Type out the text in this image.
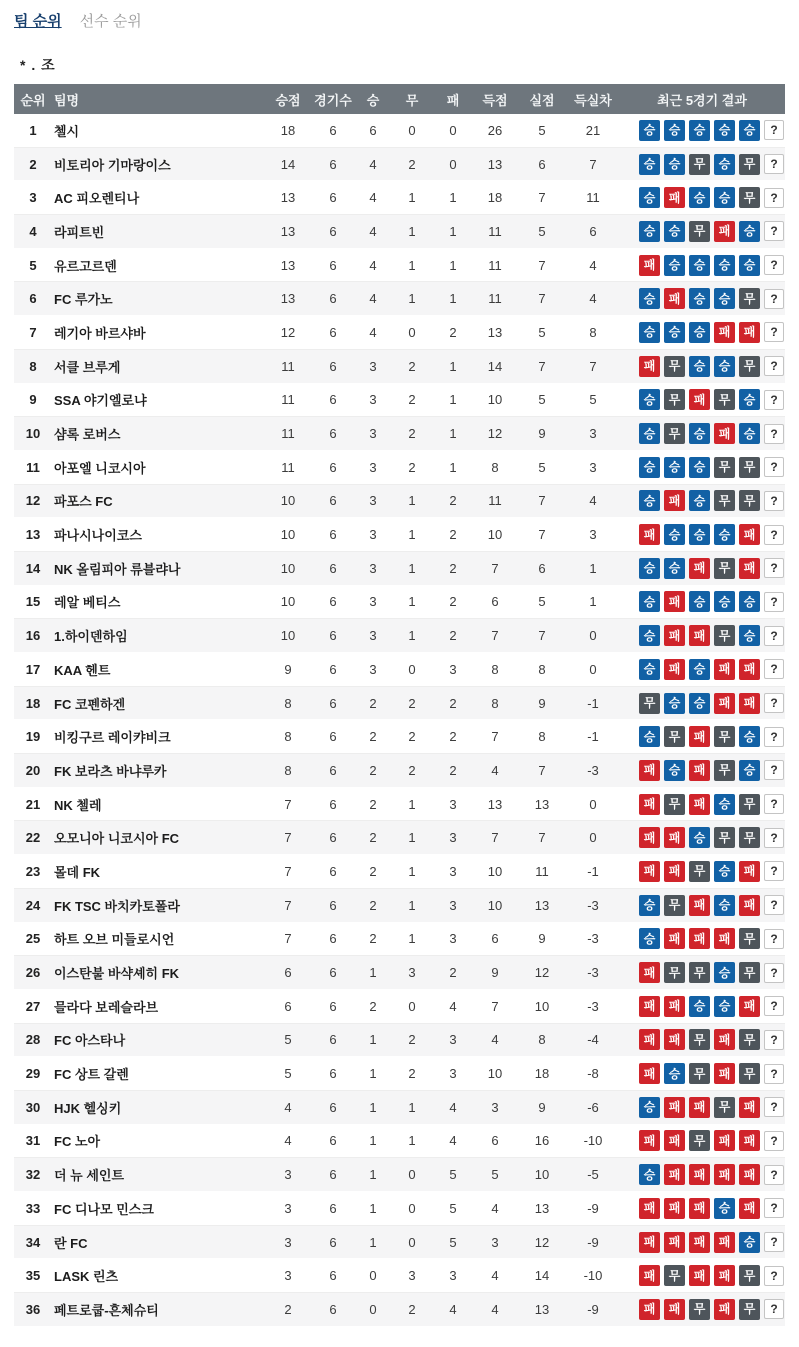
팀 순위 선수 순위
* . 조
순위 팀명	승점	경기수	승	무	패	득점	실점	득실차	최근 5경기 결과
1	첼시	18	6	6	0	0	26	5	21	승	승	승	승	승	?
2	비토리아 기마랑이스	14	6	4	2	0	13	6	7	승	승	무	승	무	?
3	AC 피오렌티나	13	6	4	1	1	18	7	11	승	패	승	승	무	?
4	라피트빈	13	6	4	1	1	11	5	6	승	승	무	패	승	?
5	유르고르덴	13	6	4	1	1	11	7	4	패	승	승	승	승	?
6	FC 루가노	13	6	4	1	1	11	7	4	승	패	승	승	무	?
7	레기아 바르샤바	12	6	4	0	2	13	5	8	승	승	승	패	패	?
8	서클 브루게	11	6	3	2	1	14	7	7	패	무	승	승	무	?
9	SSA 야기엘로냐	11	6	3	2	1	10	5	5	승	무	패	무	승	?
10	샴록 로버스	11	6	3	2	1	12	9	3	승	무	승	패	승	?
11	아포엘 니코시아	11	6	3	2	1	8	5	3	승	승	승	무	무	?
12	파포스 FC	10	6	3	1	2	11	7	4	승	패	승	무	무	?
13	파나시나이코스	10	6	3	1	2	10	7	3	패	승	승	승	패	?
14	NK 올림피아 류블랴나	10	6	3	1	2	7	6	1	승	승	패	무	패	?
15	레알 베티스	10	6	3	1	2	6	5	1	승	패	승	승	승	?
16	1.하이덴하임	10	6	3	1	2	7	7	0	승	패	패	무	승	?
17	KAA 헨트	9	6	3	0	3	8	8	0	승	패	승	패	패	?
18	FC 코펜하겐	8	6	2	2	2	8	9	-1	무	승	승	패	패	?
19	비킹구르 레이캬비크	8	6	2	2	2	7	8	-1	승	무	패	무	승	?
20	FK 보라츠 바냐루카	8	6	2	2	2	4	7	-3	패	승	패	무	승	?
21	NK 첼레	7	6	2	1	3	13	13	0	패	무	패	승	무	?
22	오모니아 니코시아 FC	7	6	2	1	3	7	7	0	패	패	승	무	무	?
23	몰데 FK	7	6	2	1	3	10	11	-1	패	패	무	승	패	?
24	FK TSC 바치카토폴라	7	6	2	1	3	10	13	-3	승	무	패	승	패	?
25	하트 오브 미들로시언	7	6	2	1	3	6	9	-3	승	패	패	패	무	?
26	이스탄불 바샥셰히 FK	6	6	1	3	2	9	12	-3	패	무	무	승	무	?
27	믈라다 보레슬라브	6	6	2	0	4	7	10	-3	패	패	승	승	패	?
28	FC 아스타나	5	6	1	2	3	4	8	-4	패	패	무	패	무	?
29	FC 상트 갈렌	5	6	1	2	3	10	18	-8	패	승	무	패	무	?
30	HJK 헬싱키	4	6	1	1	4	3	9	-6	승	패	패	무	패	?
31	FC 노아	4	6	1	1	4	6	16	-10	패	패	무	패	패	?
32	더 뉴 세인트	3	6	1	0	5	5	10	-5	승	패	패	패	패	?
33	FC 디나모 민스크	3	6	1	0	5	4	13	-9	패	패	패	승	패	?
34	란 FC	3	6	1	0	5	3	12	-9	패	패	패	패	승	?
35	LASK 린츠	3	6	0	3	3	4	14	-10	패	무	패	패	무	?
36	페트로쿱-흔체슈티	2	6	0	2	4	4	13	-9	패	패	무	패	무	?
